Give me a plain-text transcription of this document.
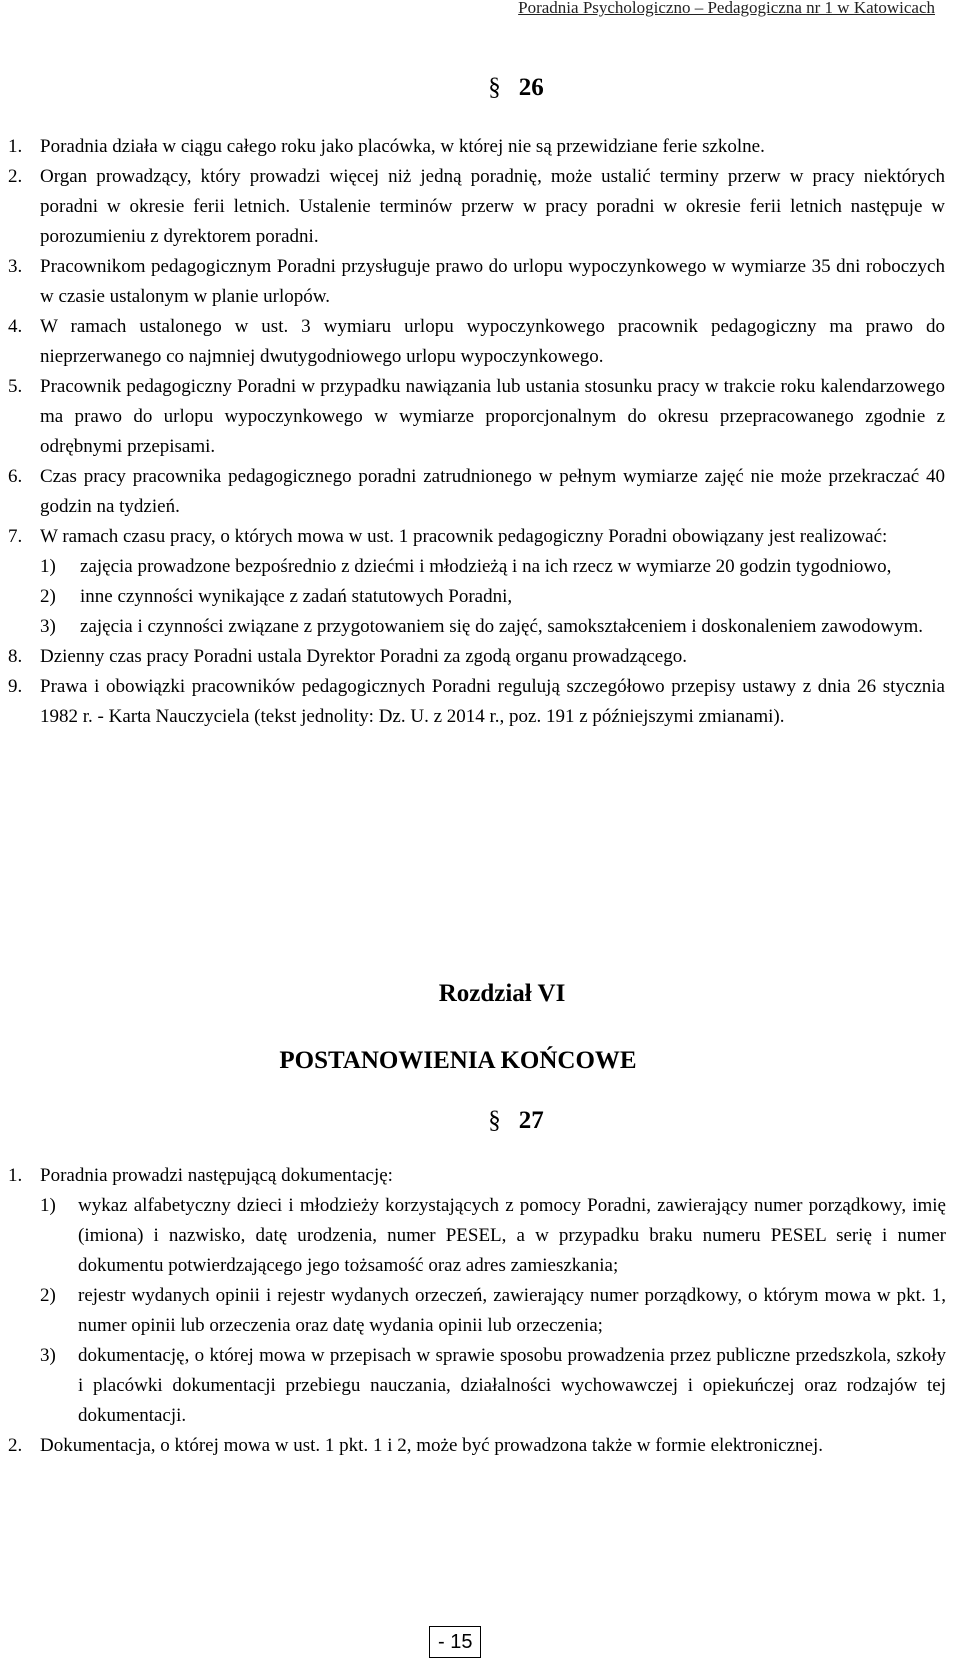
Poradnia Psychologiczno – Pedagogiczna nr 1 w Katowicach
§ 26
1. Poradnia działa w ciągu całego roku jako placówka, w której nie są przewidziane ferie szkolne.
2. Organ prowadzący, który prowadzi więcej niż jedną poradnię, może ustalić terminy przerw w pracy niektórych poradni w okresie ferii letnich. Ustalenie terminów przerw w pracy poradni w okresie ferii letnich następuje w porozumieniu z dyrektorem poradni.
3. Pracownikom pedagogicznym Poradni przysługuje prawo do urlopu wypoczynkowego w wymiarze 35 dni roboczych w czasie ustalonym w planie urlopów.
4. W ramach ustalonego w ust. 3 wymiaru urlopu wypoczynkowego pracownik pedagogiczny ma prawo do nieprzerwanego co najmniej dwutygodniowego urlopu wypoczynkowego.
5. Pracownik pedagogiczny Poradni w przypadku nawiązania lub ustania stosunku pracy w trakcie roku kalendarzowego ma prawo do urlopu wypoczynkowego w wymiarze proporcjonalnym do okresu przepracowanego zgodnie z odrębnymi przepisami.
6. Czas pracy pracownika pedagogicznego poradni zatrudnionego w pełnym wymiarze zajęć nie może przekraczać 40 godzin na tydzień.
7. W ramach czasu pracy, o których mowa w ust. 1 pracownik pedagogiczny Poradni obowiązany jest realizować:
1) zajęcia prowadzone bezpośrednio z dziećmi i młodzieżą i na ich rzecz w wymiarze 20 godzin tygodniowo,
2) inne czynności wynikające z zadań statutowych Poradni,
3) zajęcia i czynności związane z przygotowaniem się do zajęć, samokształceniem i doskonaleniem zawodowym.
8. Dzienny czas pracy Poradni ustala Dyrektor Poradni za zgodą organu prowadzącego.
9. Prawa i obowiązki pracowników pedagogicznych Poradni regulują szczegółowo przepisy ustawy z dnia 26 stycznia 1982 r. - Karta Nauczyciela (tekst jednolity: Dz. U. z 2014 r., poz. 191 z późniejszymi zmianami).
Rozdział VI
POSTANOWIENIA KOŃCOWE
§ 27
1. Poradnia prowadzi następującą dokumentację:
1) wykaz alfabetyczny dzieci i młodzieży korzystających z pomocy Poradni, zawierający numer porządkowy, imię (imiona) i nazwisko, datę urodzenia, numer PESEL, a w przypadku braku numeru PESEL serię i numer dokumentu potwierdzającego jego tożsamość oraz adres zamieszkania;
2) rejestr wydanych opinii i rejestr wydanych orzeczeń, zawierający numer porządkowy, o którym mowa w pkt. 1, numer opinii lub orzeczenia oraz datę wydania opinii lub orzeczenia;
3) dokumentację, o której mowa w przepisach w sprawie sposobu prowadzenia przez publiczne przedszkola, szkoły i placówki dokumentacji przebiegu nauczania, działalności wychowawczej i opiekuńczej oraz rodzajów tej dokumentacji.
2. Dokumentacja, o której mowa w ust. 1 pkt. 1 i 2, może być prowadzona także w formie elektronicznej.
- 15
